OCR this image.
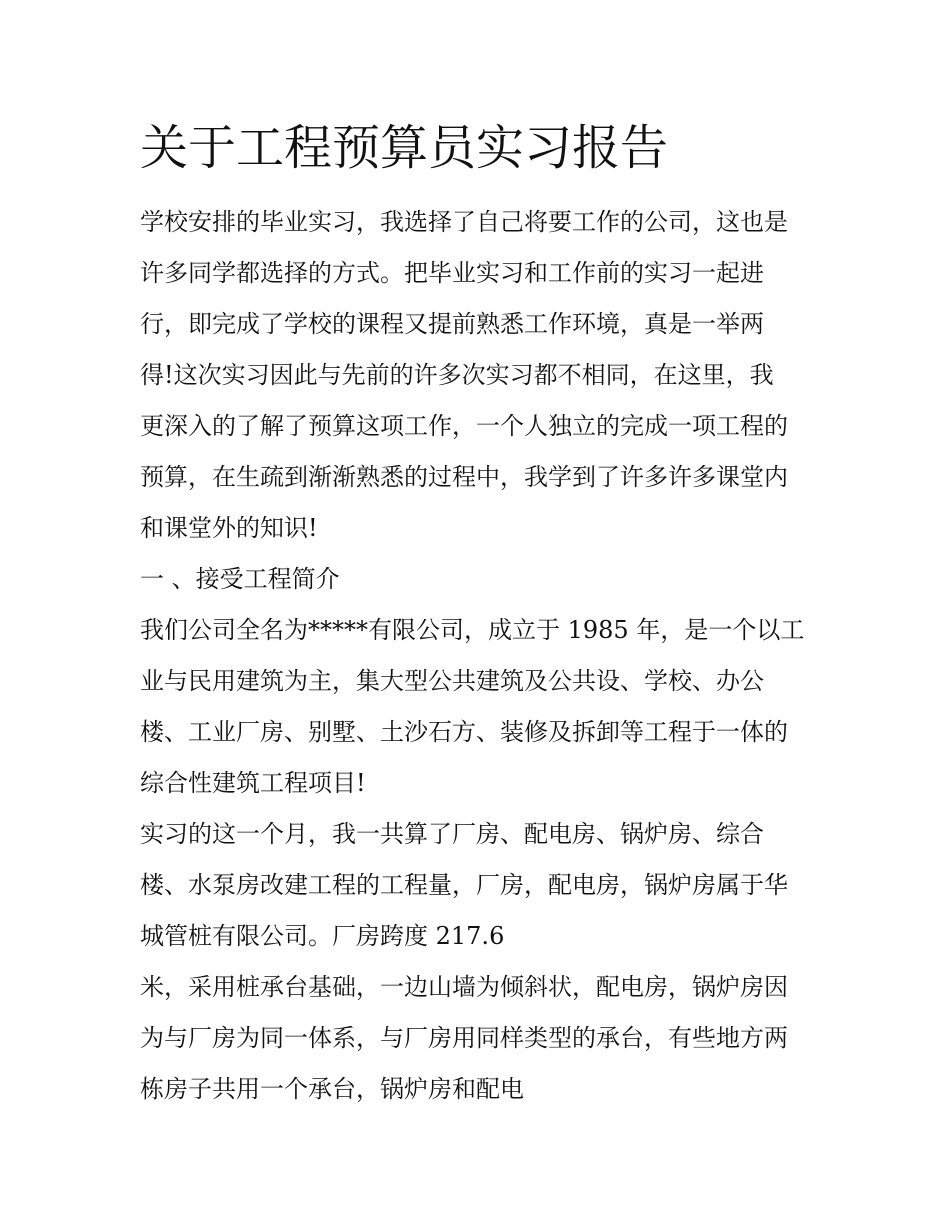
关于工程预算员实习报告

学校安排的毕业实习，我选择了自己将要工作的公司，这也是

许多同学都选择的方式。把毕业实习和工作前的实习一起进

行，即完成了学校的课程又提前熟悉工作环境，真是一举两

得!这次实习因此与先前的许多次实习都不相同，在这里，我

更深入的了解了预算这项工作，一个人独立的完成一项工程的

预算，在生疏到渐渐熟悉的过程中，我学到了许多许多课堂内

和课堂外的知识!

一 、接受工程简介

我们公司全名为*****有限公司，成立于 1985 年，是一个以工

业与民用建筑为主，集大型公共建筑及公共设、学校、办公

楼、工业厂房、别墅、土沙石方、装修及拆卸等工程于一体的

综合性建筑工程项目!

实习的这一个月，我一共算了厂房、配电房、锅炉房、综合

楼、水泵房改建工程的工程量，厂房，配电房，锅炉房属于华

城管桩有限公司。厂房跨度 217.6

米，采用桩承台基础，一边山墙为倾斜状，配电房，锅炉房因

为与厂房为同一体系，与厂房用同样类型的承台，有些地方两

栋房子共用一个承台，锅炉房和配电
